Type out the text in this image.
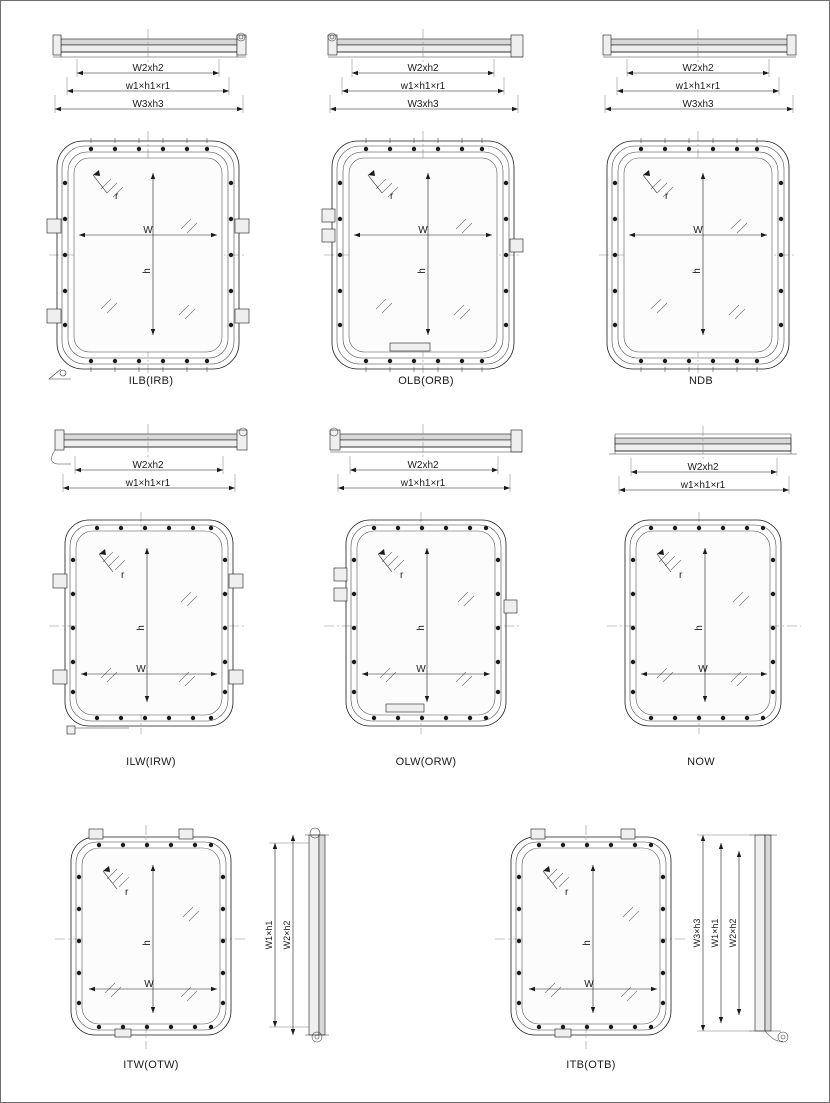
W2xh2
w1×h1×r1
W3xh3
r
W
h
ILB(IRB)
W2xh2
w1×h1×r1
W3xh3
r
W
h
OLB(ORB)
W2xh2
w1×h1×r1
W3xh3
r
W
h
NDB
W2xh2
w1×h1×r1
r
W
h
ILW(IRW)
W2xh2
w1×h1×r1
r
W
h
OLW(ORW)
W2xh2
w1×h1×r1
r
W
h
NOW
r
W
h	W1×h1 W2×h2
ITW(OTW)
r
W
h	W3×h3 W1×h1 W2×h2
ITB(OTB)
